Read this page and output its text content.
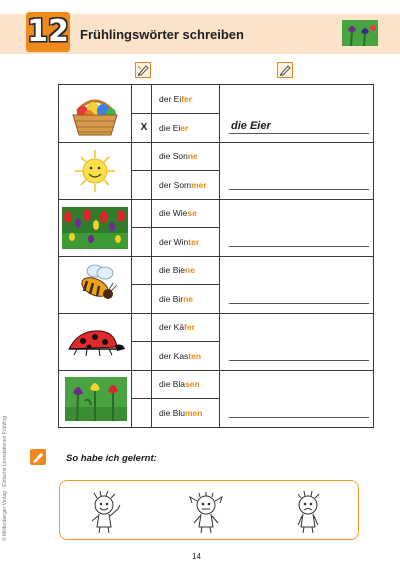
12 Frühlingswörter schreiben
der Eifer
X	die Eier
die Sonne
der Sommer
die Wiese
der Winter
die Biene
die Birne
der Käfer
der Kasten
die Blasen
die Blumen
die Eier
So habe ich gelernt:
© Mildenberger Verlag · Einfache Lernstationen Frühling
14
